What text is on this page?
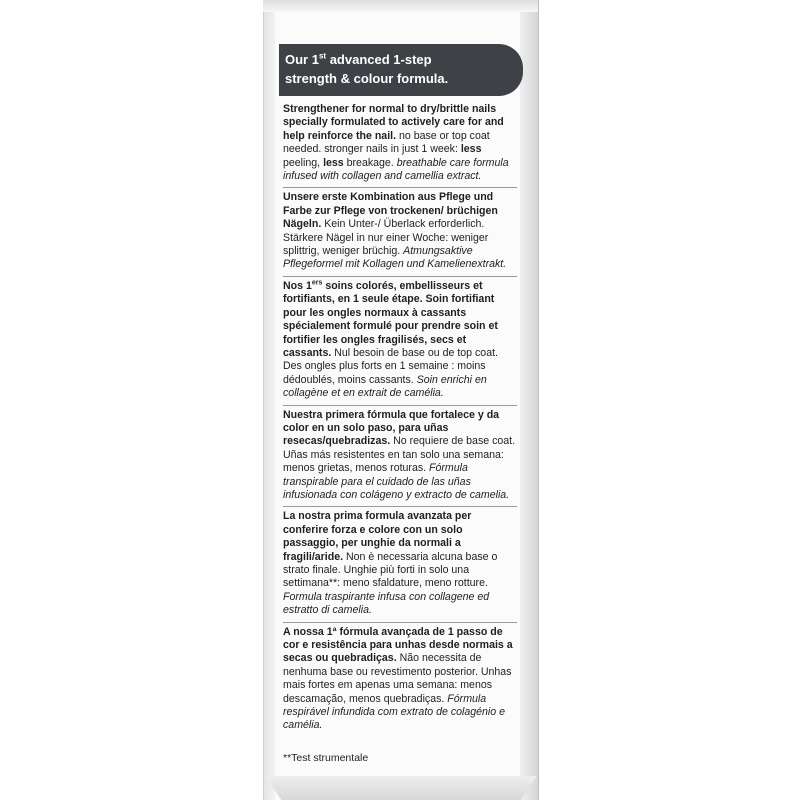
Our 1st advanced 1-step
strength & colour formula.
Strengthener for normal to dry/brittle nails specially formulated to actively care for and help reinforce the nail. no base or top coat needed. stronger nails in just 1 week: less peeling, less breakage. breathable care formula infused with collagen and camellia extract.
Unsere erste Kombination aus Pflege und Farbe zur Pflege von trockenen/ brüchigen Nägeln. Kein Unter-/ Überlack erforderlich. Stärkere Nägel in nur einer Woche: weniger splittrig, weniger brüchig. Atmungsaktive Pflegeformel mit Kollagen und Kamelienextrakt.
Nos 1ers soins colorés, embellisseurs et fortifiants, en 1 seule étape. Soin fortifiant pour les ongles normaux à cassants spécialement formulé pour prendre soin et fortifier les ongles fragilisés, secs et cassants. Nul besoin de base ou de top coat. Des ongles plus forts en 1 semaine : moins dédoublés, moins cassants. Soin enrichi en collagène et en extrait de camélia.
Nuestra primera fórmula que fortalece y da color en un solo paso, para uñas resecas/quebradizas. No requiere de base coat. Uñas más resistentes en tan solo una semana: menos grietas, menos roturas. Fórmula transpirable para el cuidado de las uñas infusionada con colágeno y extracto de camelia.
La nostra prima formula avanzata per conferire forza e colore con un solo passaggio, per unghie da normali a fragili/aride. Non è necessaria alcuna base o strato finale. Unghie più forti in solo una settimana**: meno sfaldature, meno rotture. Formula traspirante infusa con collagene ed estratto di camelia.
A nossa 1ª fórmula avançada de 1 passo de cor e resistência para unhas desde normais a secas ou quebradiças. Não necessita de nenhuma base ou revestimento posterior. Unhas mais fortes em apenas uma semana: menos descamação, menos quebradiças. Fórmula respirável infundida com extrato de colagénio e camélia.
**Test strumentale
